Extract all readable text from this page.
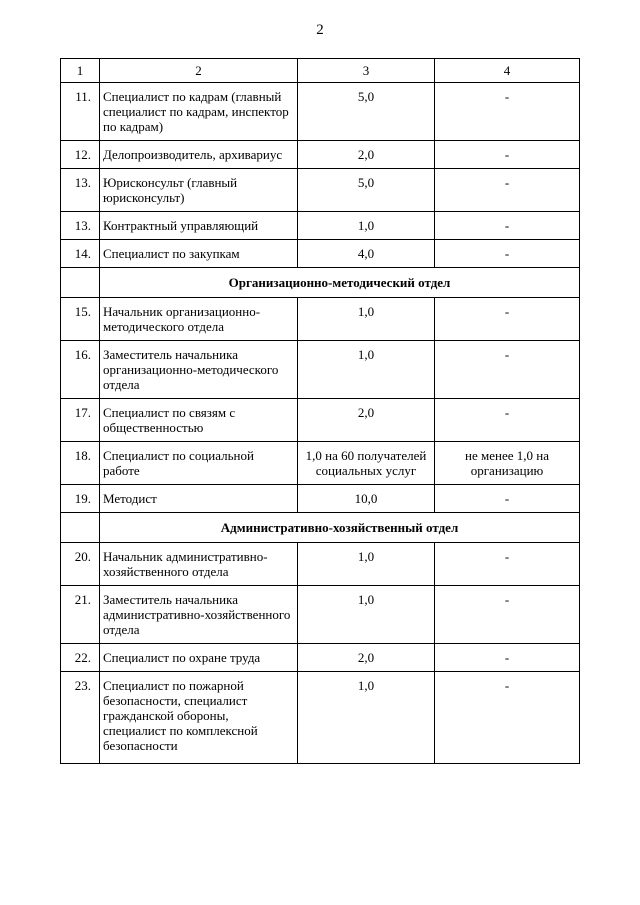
2
1	2	3	4
11.	Специалист по кадрам (главный специалист по кадрам, инспектор по кадрам)	5,0	-
12.	Делопроизводитель, архивариус	2,0	-
13.	Юрисконсульт (главный юрисконсульт)	5,0	-
13.	Контрактный управляющий	1,0	-
14.	Специалист по закупкам	4,0	-
	Организационно-методический отдел		
15.	Начальник организационно-методического отдела	1,0	-
16.	Заместитель начальника организационно-методического отдела	1,0	-
17.	Специалист по связям с общественностью	2,0	-
18.	Специалист по социальной работе	1,0 на 60 получателей социальных услуг	не менее 1,0 на организацию
19.	Методист	10,0	-
	Административно-хозяйственный отдел		
20.	Начальник административно-хозяйственного отдела	1,0	-
21.	Заместитель начальника административно-хозяйственного отдела	1,0	-
22.	Специалист по охране труда	2,0	-
23.	Специалист по пожарной безопасности, специалист гражданской обороны, специалист по комплексной безопасности	1,0	-
